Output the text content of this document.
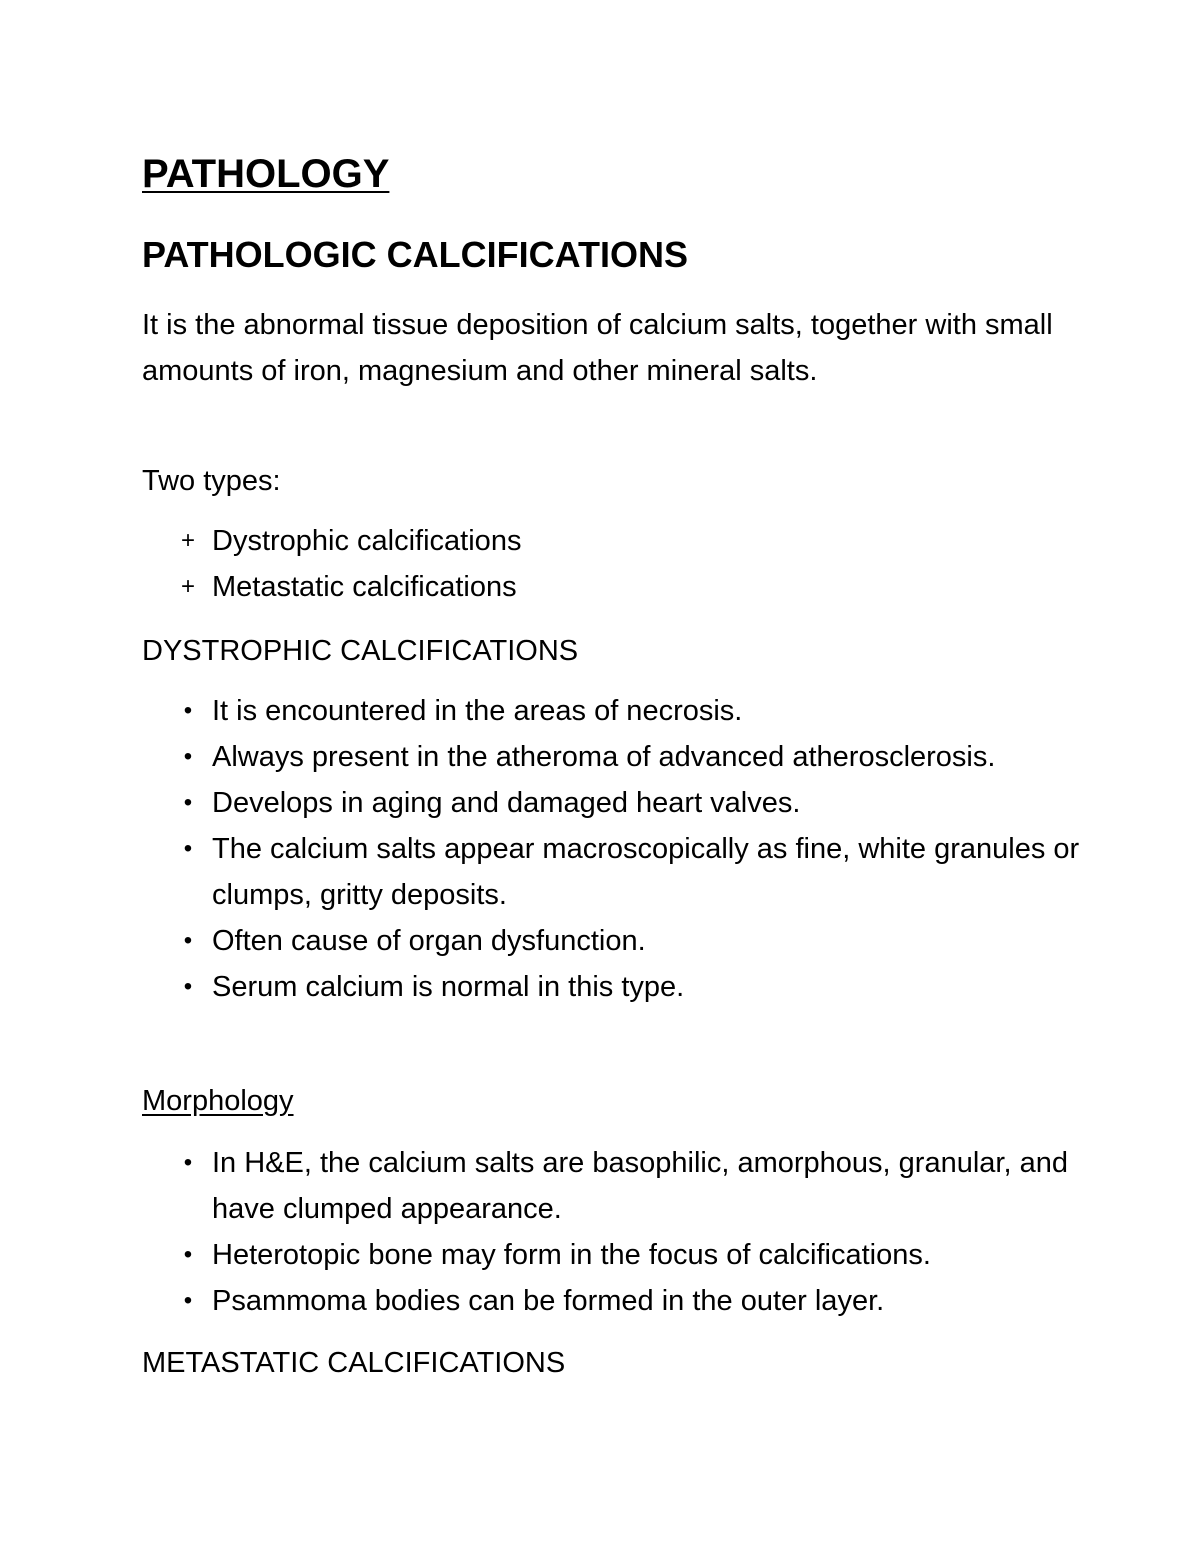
PATHOLOGY
PATHOLOGIC CALCIFICATIONS

It is the abnormal tissue deposition of calcium salts, together with small amounts of iron, magnesium and other mineral salts.

Two types:

+ Dystrophic calcifications
+ Metastatic calcifications

DYSTROPHIC CALCIFICATIONS

• It is encountered in the areas of necrosis.
• Always present in the atheroma of advanced atherosclerosis.
• Develops in aging and damaged heart valves.
• The calcium salts appear macroscopically as fine, white granules or clumps, gritty deposits.
• Often cause of organ dysfunction.
• Serum calcium is normal in this type.

Morphology

• In H&E, the calcium salts are basophilic, amorphous, granular, and have clumped appearance.
• Heterotopic bone may form in the focus of calcifications.
• Psammoma bodies can be formed in the outer layer.

METASTATIC CALCIFICATIONS
